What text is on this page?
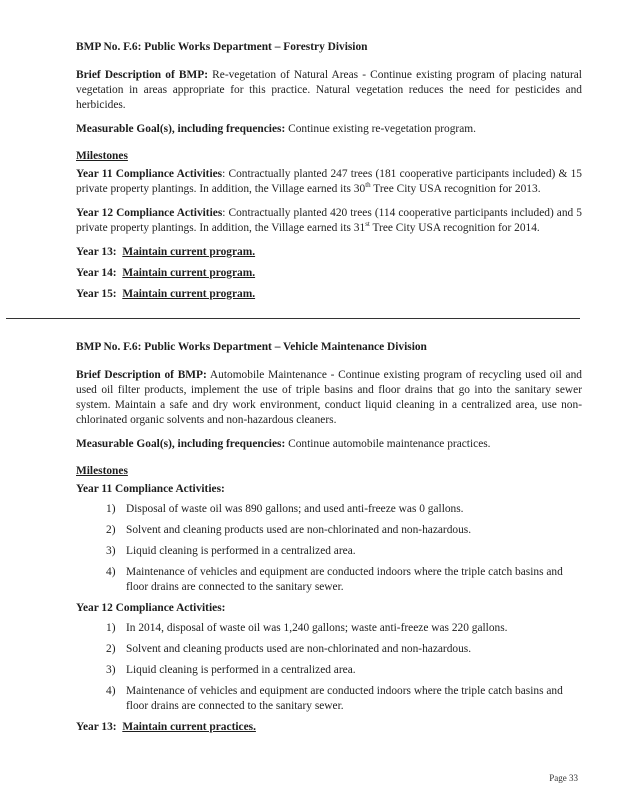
BMP No. F.6: Public Works Department – Forestry Division

Brief Description of BMP: Re-vegetation of Natural Areas - Continue existing program of placing natural vegetation in areas appropriate for this practice. Natural vegetation reduces the need for pesticides and herbicides.

Measurable Goal(s), including frequencies: Continue existing re-vegetation program.

Milestones

Year 11 Compliance Activities: Contractually planted 247 trees (181 cooperative participants included) & 15 private property plantings. In addition, the Village earned its 30th Tree City USA recognition for 2013.

Year 12 Compliance Activities: Contractually planted 420 trees (114 cooperative participants included) and 5 private property plantings. In addition, the Village earned its 31st Tree City USA recognition for 2014.

Year 13: Maintain current program.
Year 14: Maintain current program.
Year 15: Maintain current program.
BMP No. F.6: Public Works Department – Vehicle Maintenance Division

Brief Description of BMP: Automobile Maintenance - Continue existing program of recycling used oil and used oil filter products, implement the use of triple basins and floor drains that go into the sanitary sewer system. Maintain a safe and dry work environment, conduct liquid cleaning in a centralized area, use non-chlorinated organic solvents and non-hazardous cleaners.

Measurable Goal(s), including frequencies: Continue automobile maintenance practices.

Milestones
Year 11 Compliance Activities:
1) Disposal of waste oil was 890 gallons; and used anti-freeze was 0 gallons.
2) Solvent and cleaning products used are non-chlorinated and non-hazardous.
3) Liquid cleaning is performed in a centralized area.
4) Maintenance of vehicles and equipment are conducted indoors where the triple catch basins and floor drains are connected to the sanitary sewer.
Year 12 Compliance Activities:
1) In 2014, disposal of waste oil was 1,240 gallons; waste anti-freeze was 220 gallons.
2) Solvent and cleaning products used are non-chlorinated and non-hazardous.
3) Liquid cleaning is performed in a centralized area.
4) Maintenance of vehicles and equipment are conducted indoors where the triple catch basins and floor drains are connected to the sanitary sewer.
Year 13: Maintain current practices.
Page 33
